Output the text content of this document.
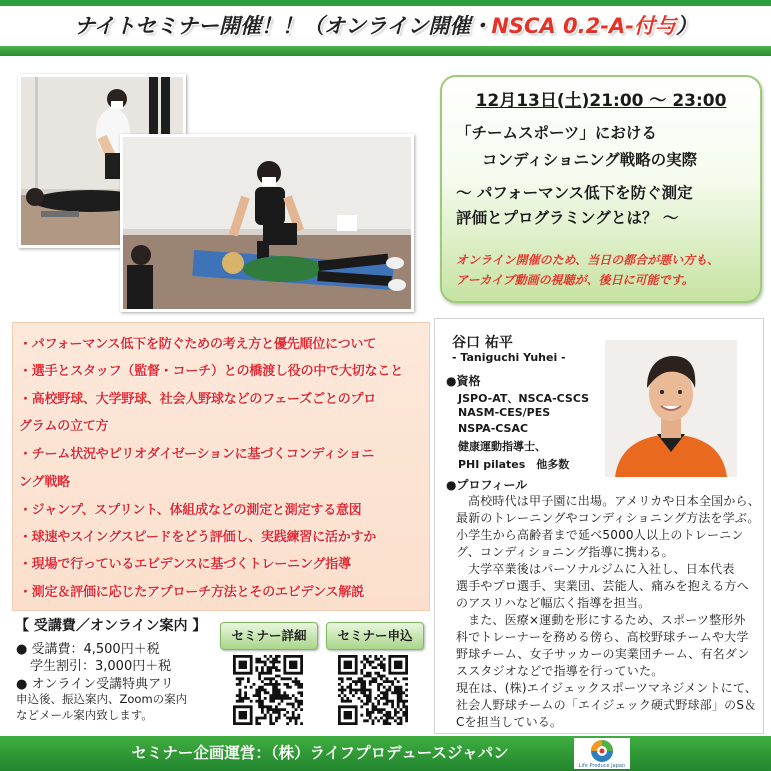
ナイトセミナー開催！！（オンライン開催・NSCA 0.2-A-付与）
12月13日(土)21:00 ～ 23:00
「チームスポーツ」における
コンディショニング戦略の実際
～ パフォーマンス低下を防ぐ測定
評価とプログラミングとは？ ～
オンライン開催のため、当日の都合が悪い方も、
アーカイブ動画の視聴が、後日に可能です。
・パフォーマンス低下を防ぐための考え方と優先順位について
・選手とスタッフ（監督・コーチ）との橋渡し役の中で大切なこと
・高校野球、大学野球、社会人野球などのフェーズごとのプロ
グラムの立て方
・チーム状況やピリオダイゼーションに基づくコンディショニ
ング戦略
・ジャンプ、スプリント、体組成などの測定と測定する意図
・球速やスイングスピードをどう評価し、実践練習に活かすか
・現場で行っているエビデンスに基づくトレーニング指導
・測定＆評価に応じたアプローチ方法とそのエビデンス解説
【 受講費／オンライン案内 】
● 受講費：4,500円＋税
学生割引：3,000円＋税
● オンライン受講特典アリ
申込後、振込案内、Zoomの案内
などメール案内致します。
セミナー詳細	セミナー申込
谷口 祐平
- Taniguchi Yuhei -
●資格
JSPO-AT、NSCA-CSCS
NASM-CES/PES
NSPA-CSAC
健康運動指導士、
PHI pilates　他多数
●プロフィール
高校時代は甲子園に出場。アメリカや日本全国から、
最新のトレーニングやコンディショニング方法を学ぶ。
小学生から高齢者まで延べ5000人以上のトレーニン
グ、コンディショニング指導に携わる。
大学卒業後はパーソナルジムに入社し、日本代表
選手やプロ選手、実業団、芸能人、痛みを抱える方へ
のアスリハなど幅広く指導を担当。
また、医療×運動を形にするため、スポーツ整形外
科でトレーナーを務める傍ら、高校野球チームや大学
野球チーム、女子サッカーの実業団チーム、有名ダン
ススタジオなどで指導を行っていた。
現在は、(株)エイジェックスポーツマネジメントにて、
社会人野球チームの「エイジェック硬式野球部」のS＆
Cを担当している。
セミナー企画運営：（株）ライフプロデュースジャパン
Life Produce Japan
